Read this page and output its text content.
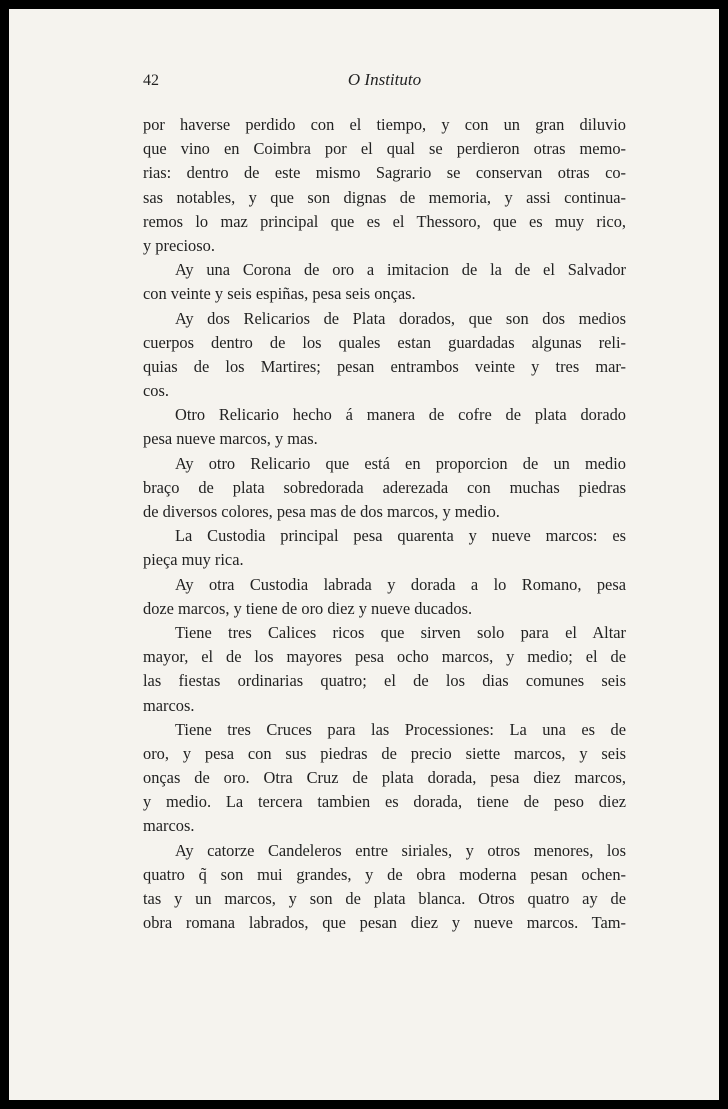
42	O Instituto
por haverse perdido con el tiempo, y con un gran diluvio
que vino en Coimbra por el qual se perdieron otras memo-
rias: dentro de este mismo Sagrario se conservan otras co-
sas notables, y que son dignas de memoria, y assi continua-
remos lo maz principal que es el Thessoro, que es muy rico,
y precioso.
Ay una Corona de oro a imitacion de la de el Salvador
con veinte y seis espiñas, pesa seis onças.
Ay dos Relicarios de Plata dorados, que son dos medios
cuerpos dentro de los quales estan guardadas algunas reli-
quias de los Martires; pesan entrambos veinte y tres mar-
cos.
Otro Relicario hecho á manera de cofre de plata dorado
pesa nueve marcos, y mas.
Ay otro Relicario que está en proporcion de un medio
braço de plata sobredorada aderezada con muchas piedras
de diversos colores, pesa mas de dos marcos, y medio.
La Custodia principal pesa quarenta y nueve marcos: es
pieça muy rica.
Ay otra Custodia labrada y dorada a lo Romano, pesa
doze marcos, y tiene de oro diez y nueve ducados.
Tiene tres Calices ricos que sirven solo para el Altar
mayor, el de los mayores pesa ocho marcos, y medio; el de
las fiestas ordinarias quatro; el de los dias comunes seis
marcos.
Tiene tres Cruces para las Processiones: La una es de
oro, y pesa con sus piedras de precio siette marcos, y seis
onças de oro. Otra Cruz de plata dorada, pesa diez marcos,
y medio. La tercera tambien es dorada, tiene de peso diez
marcos.
Ay catorze Candeleros entre siriales, y otros menores, los
quatro q̃ son mui grandes, y de obra moderna pesan ochen-
tas y un marcos, y son de plata blanca. Otros quatro ay de
obra romana labrados, que pesan diez y nueve marcos. Tam-
